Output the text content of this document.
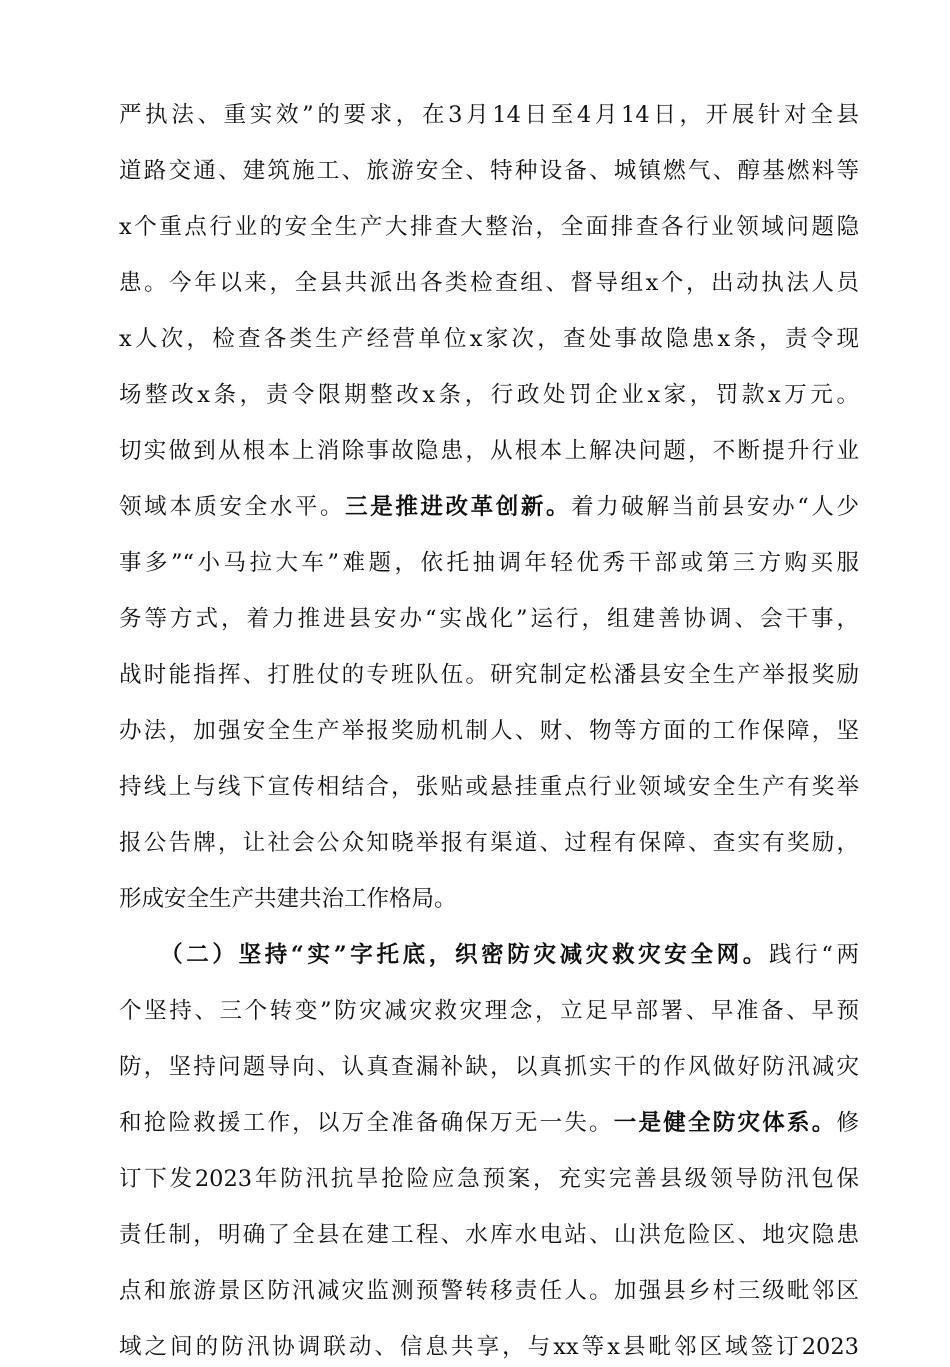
严执法、重实效”的要求，在3月14日至4月14日，开展针对全县
道路交通、建筑施工、旅游安全、特种设备、城镇燃气、醇基燃料等
x个重点行业的安全生产大排查大整治，全面排查各行业领域问题隐
患。今年以来，全县共派出各类检查组、督导组x个，出动执法人员
x人次，检查各类生产经营单位x家次，查处事故隐患x条，责令现
场整改x条，责令限期整改x条，行政处罚企业x家，罚款x万元。
切实做到从根本上消除事故隐患，从根本上解决问题，不断提升行业
领域本质安全水平。三是推进改革创新。着力破解当前县安办“人少
事多”“小马拉大车”难题，依托抽调年轻优秀干部或第三方购买服
务等方式，着力推进县安办“实战化”运行，组建善协调、会干事，
战时能指挥、打胜仗的专班队伍。研究制定松潘县安全生产举报奖励
办法，加强安全生产举报奖励机制人、财、物等方面的工作保障，坚
持线上与线下宣传相结合，张贴或悬挂重点行业领域安全生产有奖举
报公告牌，让社会公众知晓举报有渠道、过程有保障、查实有奖励，
形成安全生产共建共治工作格局。
　　（二）坚持“实”字托底，织密防灾减灾救灾安全网。践行“两
个坚持、三个转变”防灾减灾救灾理念，立足早部署、早准备、早预
防，坚持问题导向、认真查漏补缺，以真抓实干的作风做好防汛减灾
和抢险救援工作，以万全准备确保万无一失。一是健全防灾体系。修
订下发2023年防汛抗旱抢险应急预案，充实完善县级领导防汛包保
责任制，明确了全县在建工程、水库水电站、山洪危险区、地灾隐患
点和旅游景区防汛减灾监测预警转移责任人。加强县乡村三级毗邻区
域之间的防汛协调联动、信息共享，与xx等x县毗邻区域签订2023
